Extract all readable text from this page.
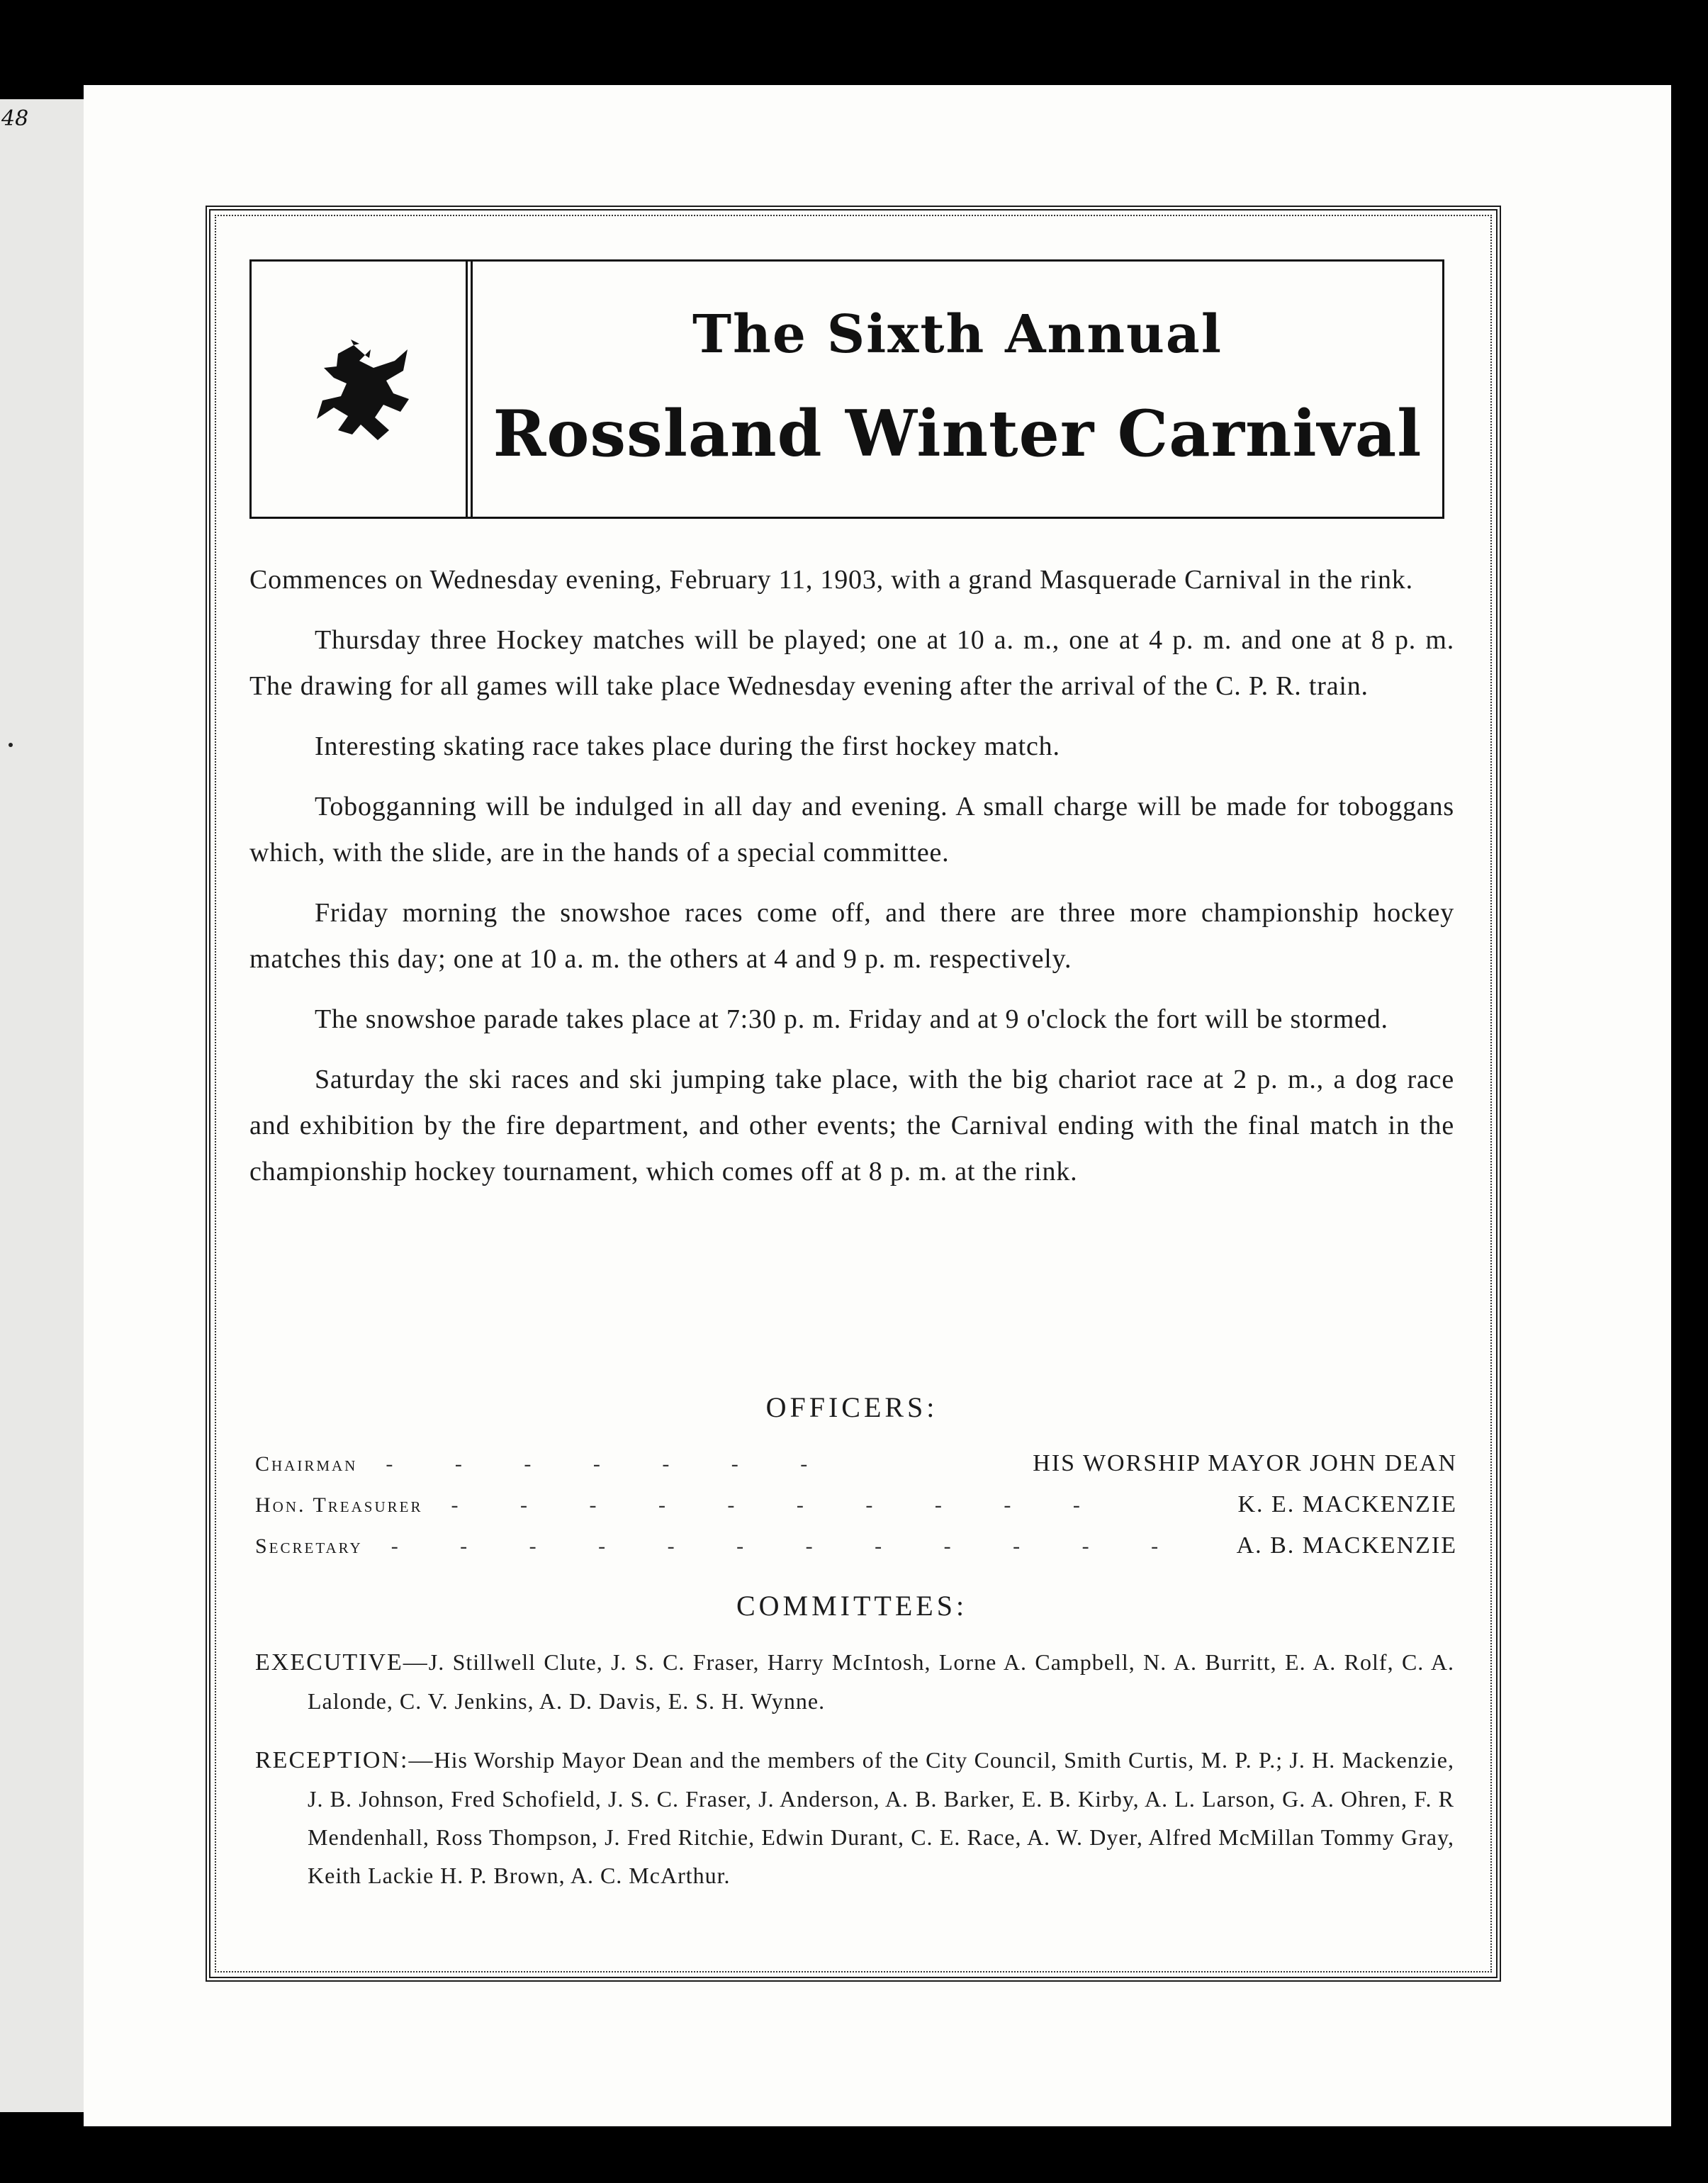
48
The Sixth Annual
Rossland Winter Carnival

Commences on Wednesday evening, February 11, 1903, with a grand Masquerade Carnival in the rink.

Thursday three Hockey matches will be played; one at 10 a. m., one at 4 p. m. and one at 8 p. m. The drawing for all games will take place Wednesday evening after the arrival of the C. P. R. train.

Interesting skating race takes place during the first hockey match.

Tobogganning will be indulged in all day and evening. A small charge will be made for toboggans which, with the slide, are in the hands of a special committee.

Friday morning the snowshoe races come off, and there are three more championship hockey matches this day; one at 10 a. m. the others at 4 and 9 p. m. respectively.

The snowshoe parade takes place at 7:30 p. m. Friday and at 9 o'clock the fort will be stormed.

Saturday the ski races and ski jumping take place, with the big chariot race at 2 p. m., a dog race and exhibition by the fire department, and other events; the Carnival ending with the final match in the championship hockey tournament, which comes off at 8 p. m. at the rink.

OFFICERS:
Chairman - - - - - - -	HIS WORSHIP MAYOR JOHN DEAN
Hon. Treasurer - - - - - - - - - -	K. E. MACKENZIE
Secretary - - - - - - - - - - - -	A. B. MACKENZIE
COMMITTEES:

EXECUTIVE—J. Stillwell Clute, J. S. C. Fraser, Harry McIntosh, Lorne A. Campbell, N. A. Burritt, E. A. Rolf, C. A. Lalonde, C. V. Jenkins, A. D. Davis, E. S. H. Wynne.

RECEPTION:—His Worship Mayor Dean and the members of the City Council, Smith Curtis, M. P. P.; J. H. Mackenzie, J. B. Johnson, Fred Schofield, J. S. C. Fraser, J. Anderson, A. B. Barker, E. B. Kirby, A. L. Larson, G. A. Ohren, F. R Mendenhall, Ross Thompson, J. Fred Ritchie, Edwin Durant, C. E. Race, A. W. Dyer, Alfred McMillan Tommy Gray, Keith Lackie H. P. Brown, A. C. McArthur.
